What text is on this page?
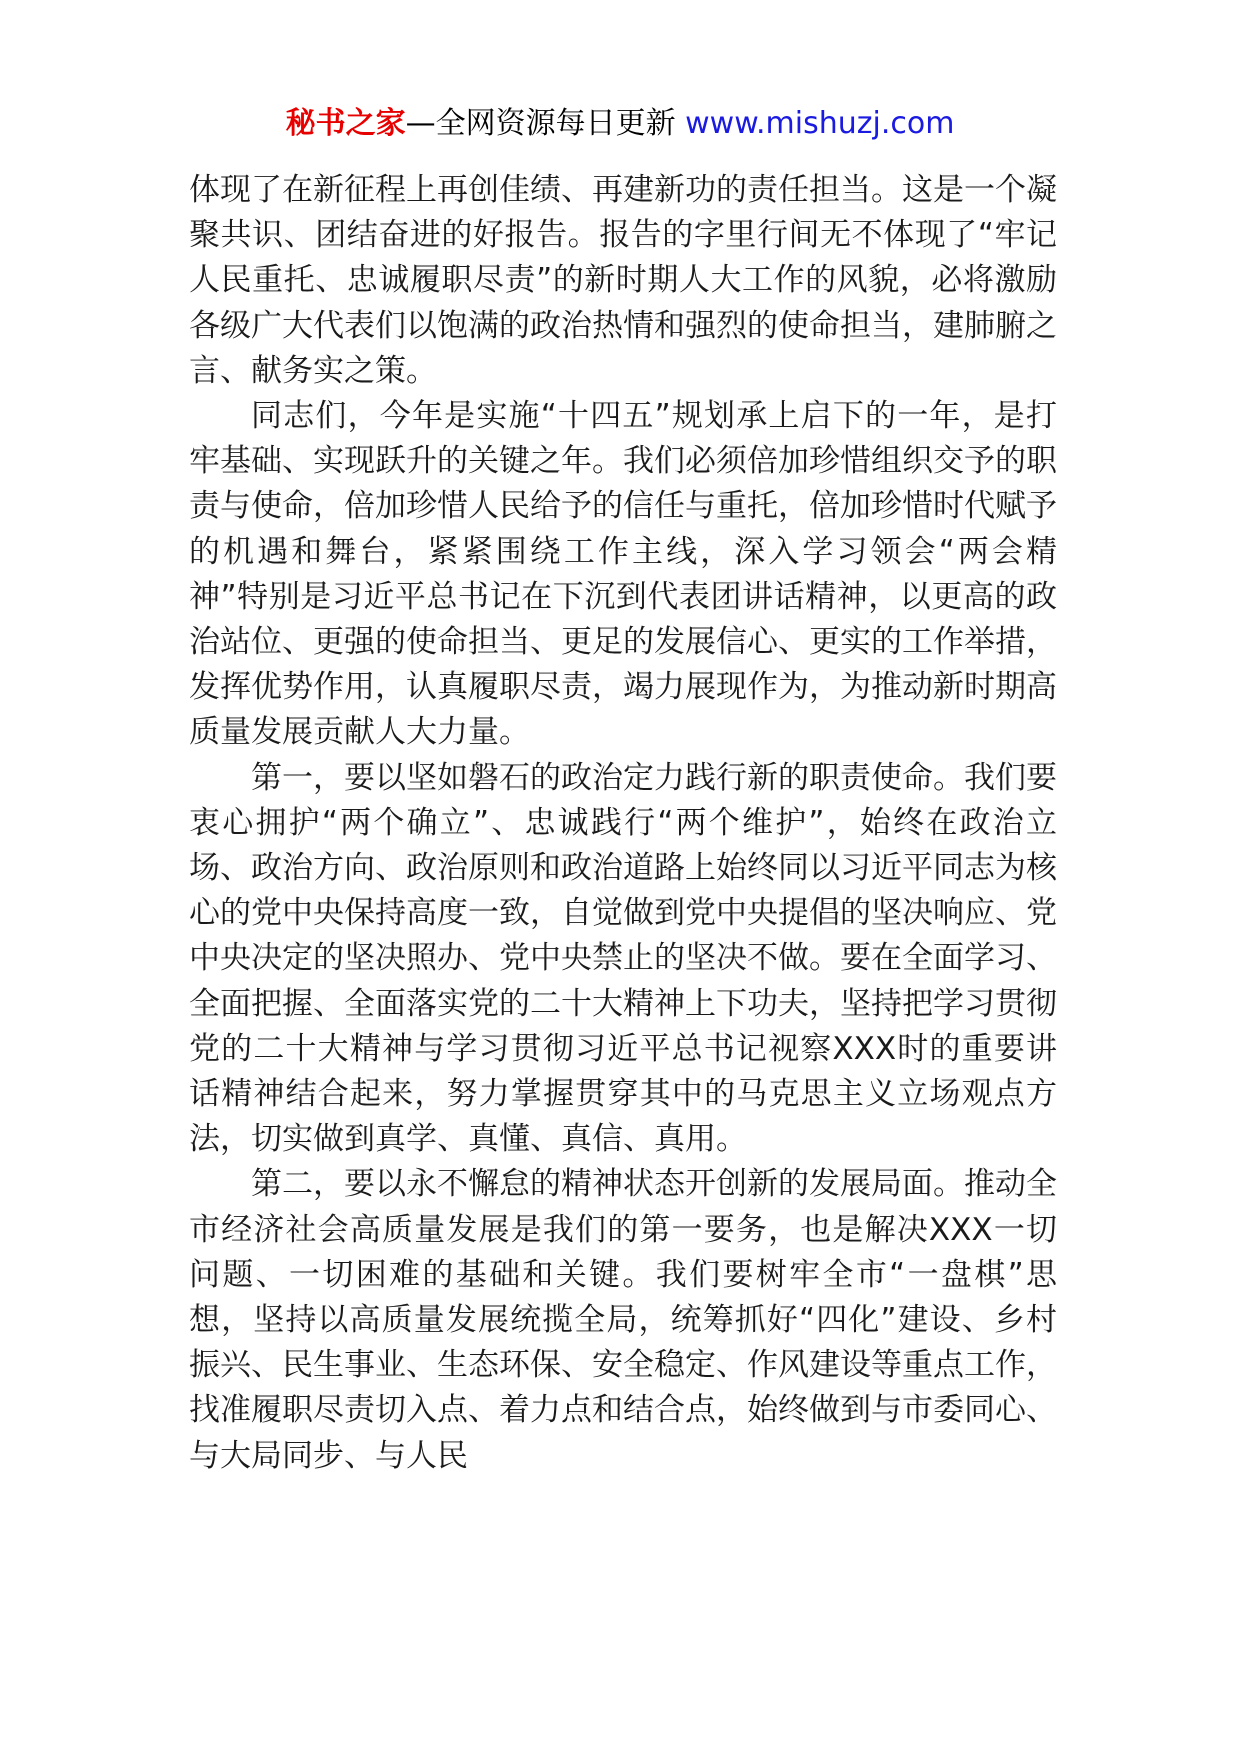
秘书之家—全网资源每日更新 www.mishuzj.com

体现了在新征程上再创佳绩、再建新功的责任担当。这是一个凝聚共识、团结奋进的好报告。报告的字里行间无不体现了“牢记人民重托、忠诚履职尽责”的新时期人大工作的风貌，必将激励各级广大代表们以饱满的政治热情和强烈的使命担当，建肺腑之言、献务实之策。

同志们，今年是实施“十四五”规划承上启下的一年，是打牢基础、实现跃升的关键之年。我们必须倍加珍惜组织交予的职责与使命，倍加珍惜人民给予的信任与重托，倍加珍惜时代赋予的机遇和舞台，紧紧围绕工作主线，深入学习领会“两会精神”特别是习近平总书记在下沉到代表团讲话精神，以更高的政治站位、更强的使命担当、更足的发展信心、更实的工作举措，发挥优势作用，认真履职尽责，竭力展现作为，为推动新时期高质量发展贡献人大力量。

第一，要以坚如磐石的政治定力践行新的职责使命。我们要衷心拥护“两个确立”、忠诚践行“两个维护”，始终在政治立场、政治方向、政治原则和政治道路上始终同以习近平同志为核心的党中央保持高度一致，自觉做到党中央提倡的坚决响应、党中央决定的坚决照办、党中央禁止的坚决不做。要在全面学习、全面把握、全面落实党的二十大精神上下功夫，坚持把学习贯彻党的二十大精神与学习贯彻习近平总书记视察XXX时的重要讲话精神结合起来，努力掌握贯穿其中的马克思主义立场观点方法，切实做到真学、真懂、真信、真用。

第二，要以永不懈怠的精神状态开创新的发展局面。推动全市经济社会高质量发展是我们的第一要务，也是解决XXX一切问题、一切困难的基础和关键。我们要树牢全市“一盘棋”思想，坚持以高质量发展统揽全局，统筹抓好“四化”建设、乡村振兴、民生事业、生态环保、安全稳定、作风建设等重点工作，找准履职尽责切入点、着力点和结合点，始终做到与市委同心、与大局同步、与人民
